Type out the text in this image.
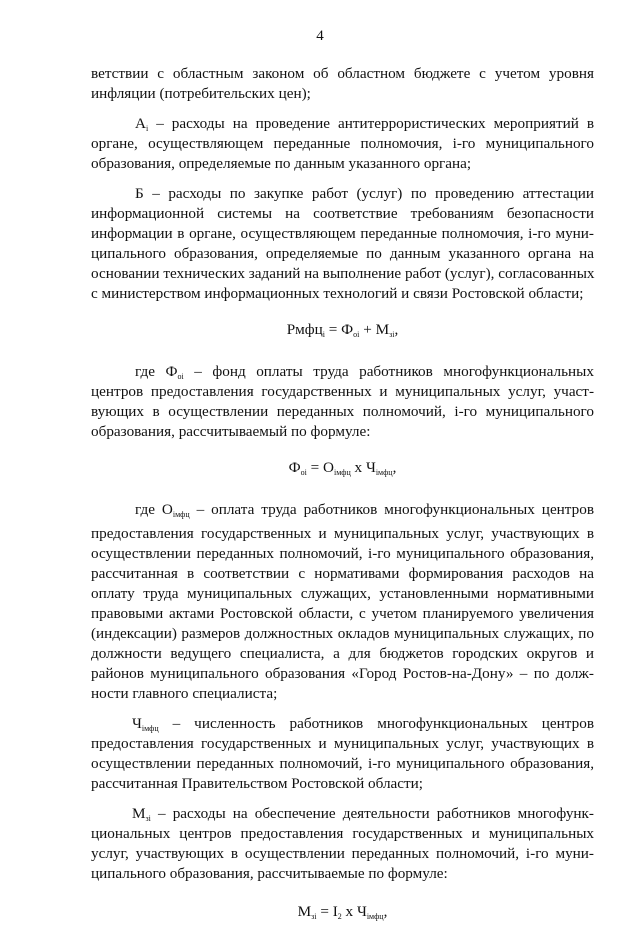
4
ветствии с областным законом об областном бюджете с учетом уровня
инфляции (потребительских цен);
$А_i$ – расходы на проведение антитеррористических мероприятий в
органе, осуществляющем переданные полномочия, i-го муниципального
образования, определяемые по данным указанного органа;
Б – расходы по закупке работ (услуг) по проведению аттестации
информационной системы на соответствие требованиям безопасности
информации в органе, осуществляющем переданные полномочия, i-го муни-
ципального образования, определяемые по данным указанного органа на
основании технических заданий на выполнение работ (услуг), согласованных
с министерством информационных технологий и связи Ростовской области;
Рмфц$_i$ = $Ф_{oi} + М_{зi}$,
где $Ф_{oi}$ – фонд оплаты труда работников многофункциональных
центров предоставления государственных и муниципальных услуг, участ-
вующих в осуществлении переданных полномочий, i-го муниципального
образования, рассчитываемый по формуле:
$Ф_{oi} = О_{iмфц}$ х $Ч_{iмфц}$,
где $О_{iмфц}$ – оплата труда работников многофункциональных центров
предоставления государственных и муниципальных услуг, участвующих в
осуществлении переданных полномочий, i-го муниципального образования,
рассчитанная в соответствии с нормативами формирования расходов на
оплату труда муниципальных служащих, установленными нормативными
правовыми актами Ростовской области, с учетом планируемого увеличения
(индексации) размеров должностных окладов муниципальных служащих, по
должности ведущего специалиста, а для бюджетов городских округов и
районов муниципального образования «Город Ростов-на-Дону» – по долж-
ности главного специалиста;
$Ч_{iмфц}$ – численность работников многофункциональных центров
предоставления государственных и муниципальных услуг, участвующих в
осуществлении переданных полномочий, i-го муниципального образования,
рассчитанная Правительством Ростовской области;
$М_{зi}$ – расходы на обеспечение деятельности работников многофунк-
циональных центров предоставления государственных и муниципальных
услуг, участвующих в осуществлении переданных полномочий, i-го муни-
ципального образования, рассчитываемые по формуле:
$М_{зi} = I_2$ х $Ч_{iмфц}$,
